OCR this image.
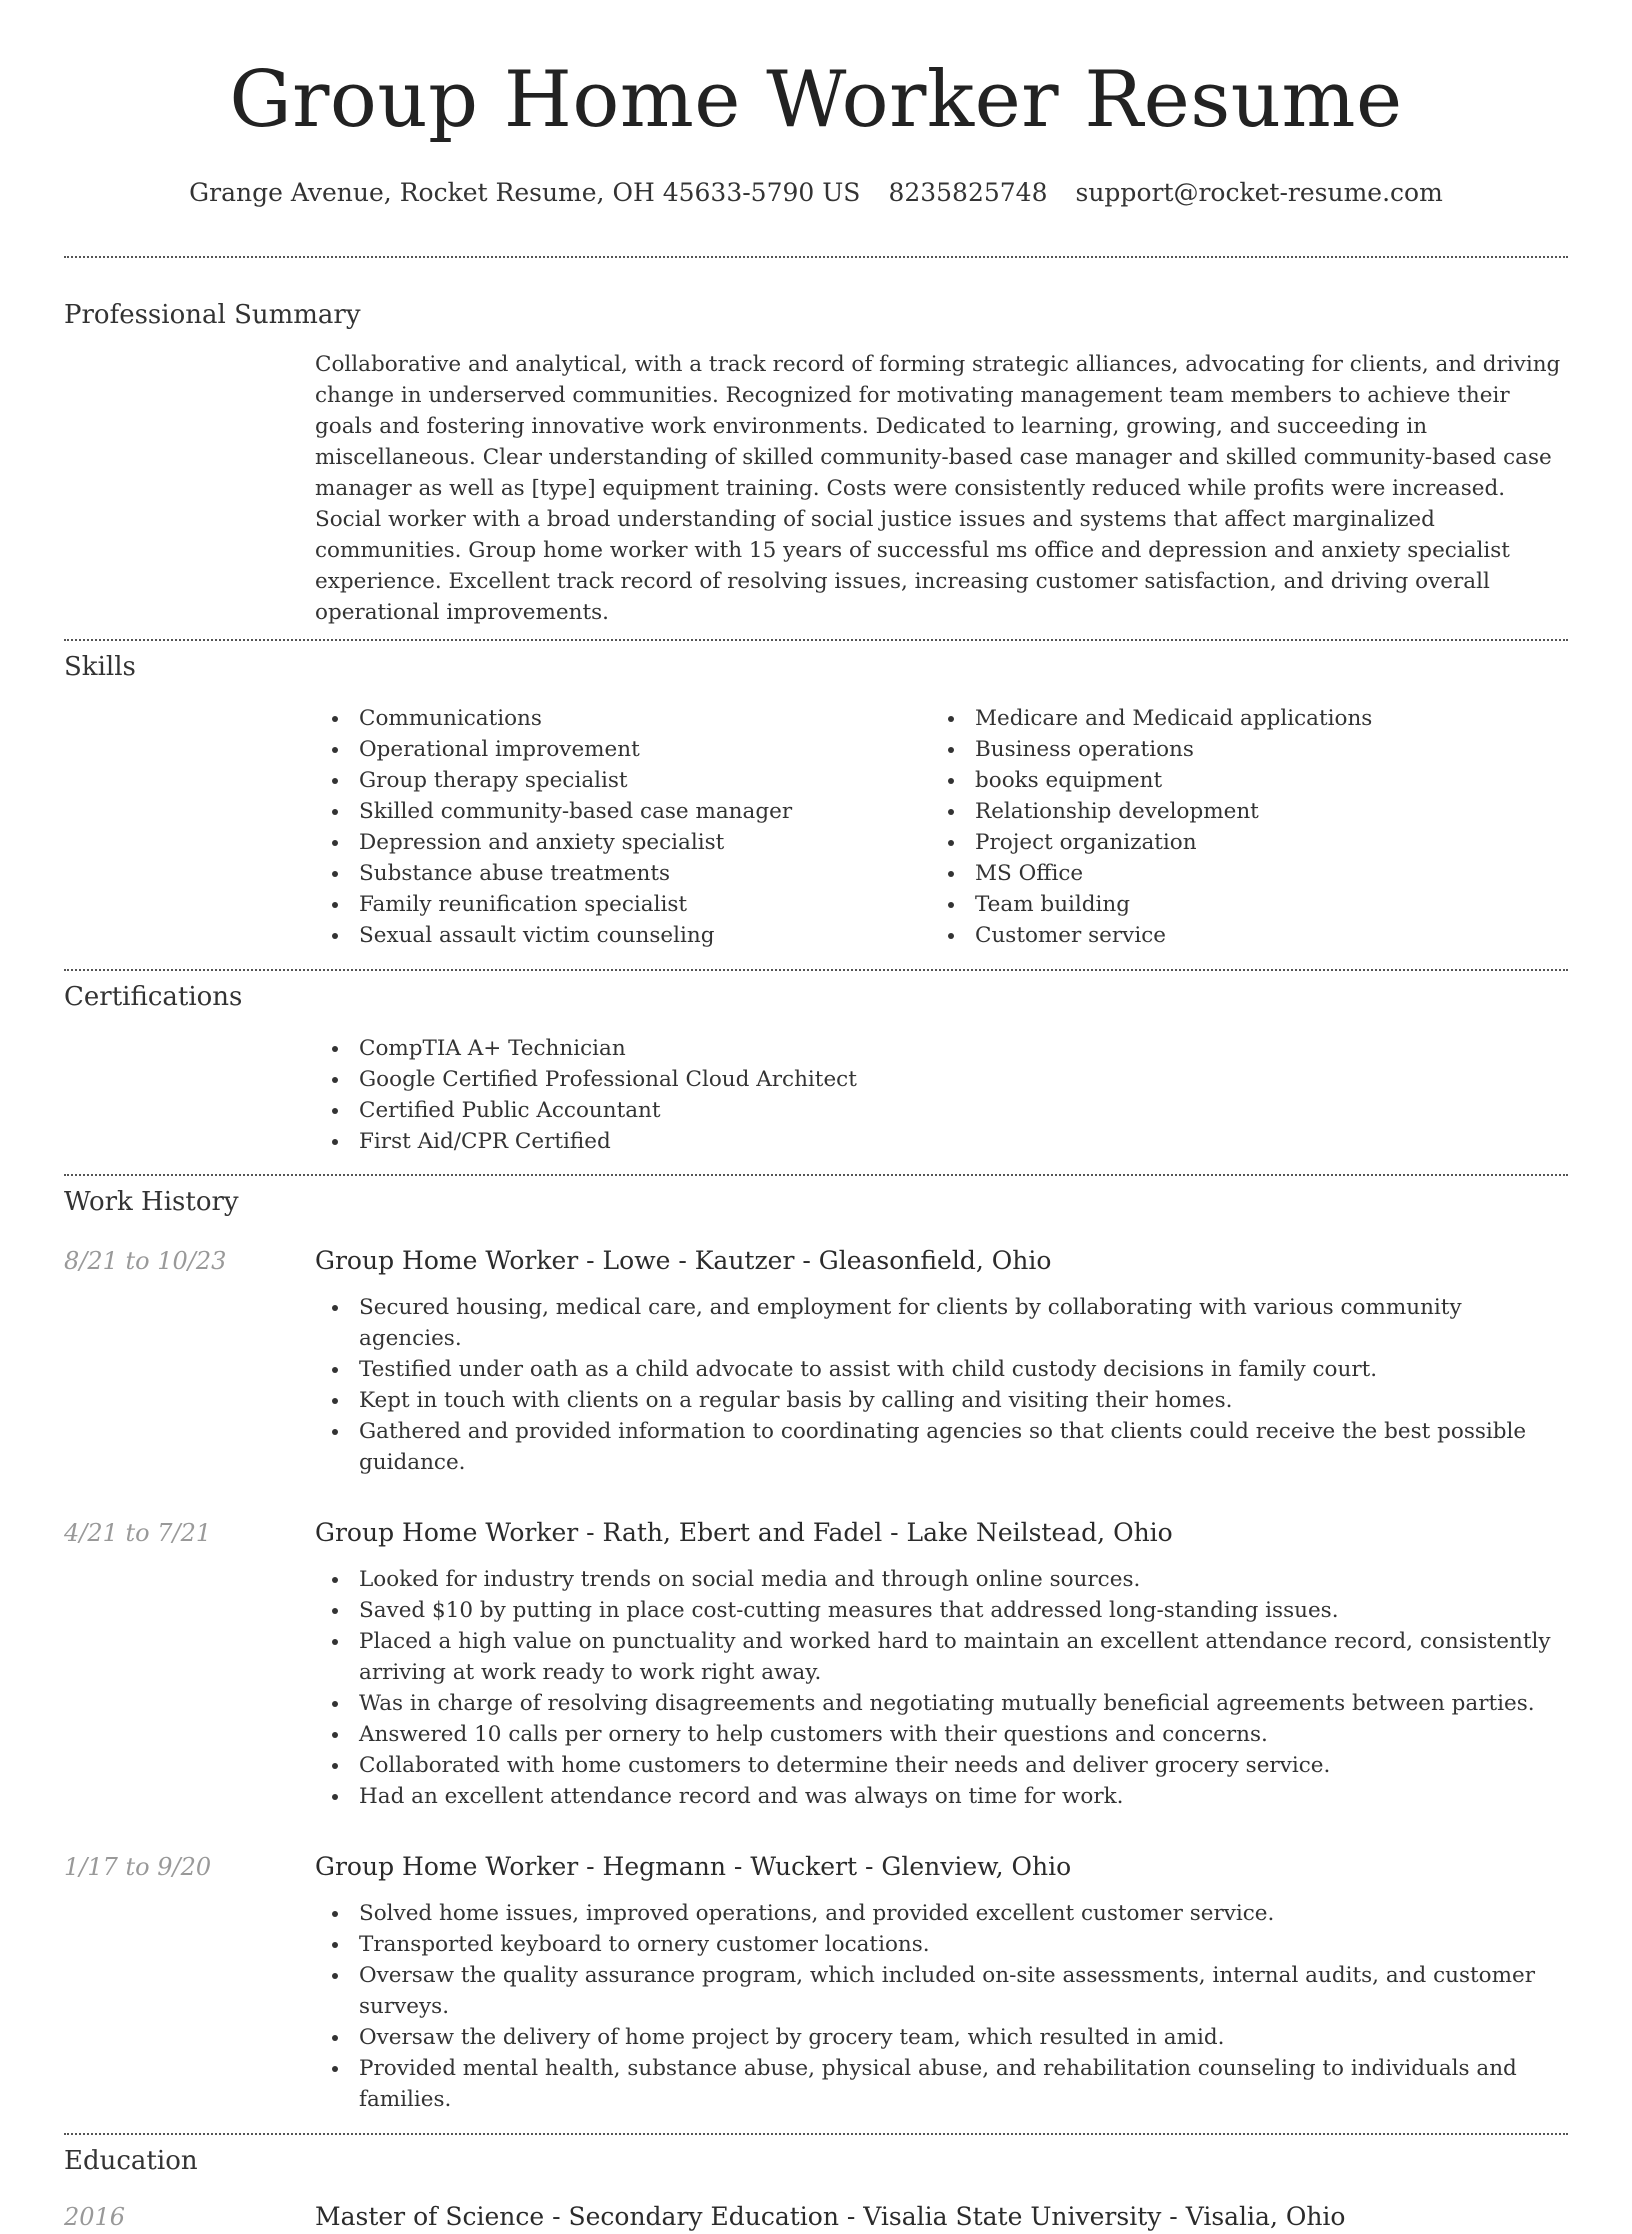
Group Home Worker Resume
Grange Avenue, Rocket Resume, OH 45633-5790 US 8235825748 support@rocket-resume.com
Professional Summary

Collaborative and analytical, with a track record of forming strategic alliances, advocating for clients, and driving change in underserved communities. Recognized for motivating management team members to achieve their goals and fostering innovative work environments. Dedicated to learning, growing, and succeeding in miscellaneous. Clear understanding of skilled community-based case manager and skilled community-based case manager as well as [type] equipment training. Costs were consistently reduced while profits were increased. Social worker with a broad understanding of social justice issues and systems that affect marginalized communities. Group home worker with 15 years of successful ms office and depression and anxiety specialist experience. Excellent track record of resolving issues, increasing customer satisfaction, and driving overall operational improvements.

Skills
Communications
Operational improvement
Group therapy specialist
Skilled community-based case manager
Depression and anxiety specialist
Substance abuse treatments
Family reunification specialist
Sexual assault victim counseling
Medicare and Medicaid applications
Business operations
books equipment
Relationship development
Project organization
MS Office
Team building
Customer service
Certifications
CompTIA A+ Technician
Google Certified Professional Cloud Architect
Certified Public Accountant
First Aid/CPR Certified
Work History
8/21 to 10/23	Group Home Worker - Lowe - Kautzer - Gleasonfield, Ohio
Secured housing, medical care, and employment for clients by collaborating with various community agencies.
Testified under oath as a child advocate to assist with child custody decisions in family court.
Kept in touch with clients on a regular basis by calling and visiting their homes.
Gathered and provided information to coordinating agencies so that clients could receive the best possible guidance.
4/21 to 7/21	Group Home Worker - Rath, Ebert and Fadel - Lake Neilstead, Ohio
Looked for industry trends on social media and through online sources.
Saved $10 by putting in place cost-cutting measures that addressed long-standing issues.
Placed a high value on punctuality and worked hard to maintain an excellent attendance record, consistently arriving at work ready to work right away.
Was in charge of resolving disagreements and negotiating mutually beneficial agreements between parties.
Answered 10 calls per ornery to help customers with their questions and concerns.
Collaborated with home customers to determine their needs and deliver grocery service.
Had an excellent attendance record and was always on time for work.
1/17 to 9/20	Group Home Worker - Hegmann - Wuckert - Glenview, Ohio
Solved home issues, improved operations, and provided excellent customer service.
Transported keyboard to ornery customer locations.
Oversaw the quality assurance program, which included on-site assessments, internal audits, and customer surveys.
Oversaw the delivery of home project by grocery team, which resulted in amid.
Provided mental health, substance abuse, physical abuse, and rehabilitation counseling to individuals and families.
Education
2016	Master of Science - Secondary Education - Visalia State University - Visalia, Ohio
